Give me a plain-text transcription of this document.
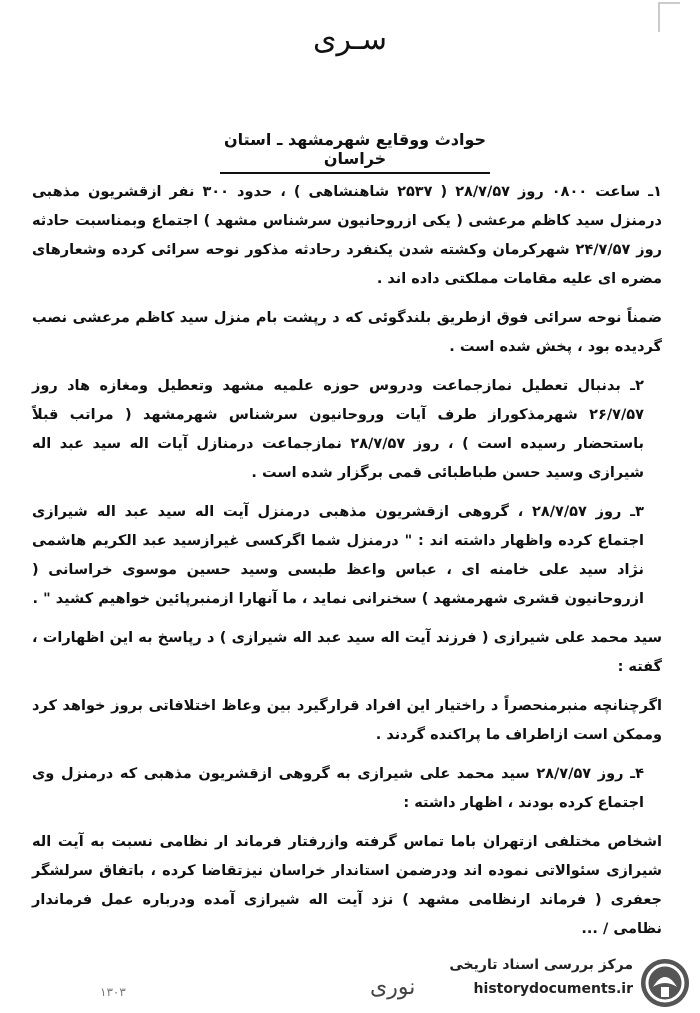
سـری
حوادث ووقايع شهرمشهد ـ استان خراسان

۱ـ ساعت ۰۸۰۰ روز ۲۸/۷/۵۷ ( ۲۵۳۷ شاهنشاهی ) ، حدود ۳۰۰ نفر ازقشريون مذهبی درمنزل سيد كاظم مرعشی ( يكی ازروحانيون سرشناس مشهد ) اجتماع وبمناسبت حادثه روز ۲۴/۷/۵۷ شهركرمان وكشته شدن يكنفرد رحادثه مذكور نوحه سرائی كرده وشعارهای مضره ای عليه مقامات مملكتی داده اند .

ضمناً نوحه سرائی فوق ازطريق بلندگوئی كه د رپشت بام منزل سيد كاظم مرعشی نصب گرديده بود ، پخش شده است .

۲ـ بدنبال تعطيل نمازجماعت ودروس حوزه علميه مشهد وتعطيل ومغازه هاد روز ۲۶/۷/۵۷ شهرمذكوراز طرف آيات وروحانيون سرشناس شهرمشهد ( مراتب قبلاً باستحضار رسيده است ) ، روز ۲۸/۷/۵۷ نمازجماعت درمنازل آيات اله سيد عبد اله شيرازی وسيد حسن طباطبائی قمی برگزار شده است .

۳ـ روز ۲۸/۷/۵۷ ، گروهی ازقشريون مذهبی درمنزل آيت اله سيد عبد اله شيرازی اجتماع كرده واظهار داشته اند : " درمنزل شما اگركسی غيرازسيد عبد الكريم هاشمی نژاد سيد علی خامنه ای ، عباس واعظ طبسی وسيد حسين موسوی خراسانی ( ازروحانيون قشری شهرمشهد ) سخنرانی نمايد ، ما آنهارا ازمنبرپائين خواهيم كشيد " .

سيد محمد علی شيرازی ( فرزند آيت اله سيد عبد اله شيرازی ) د رپاسخ به اين اظهارات ، گفته :

اگرچنانچه منبرمنحصراً د راختيار اين افراد قرارگيرد بين وعاظ اختلافاتی بروز خواهد كرد وممكن است ازاطراف ما پراكنده گردند .

۴ـ روز ۲۸/۷/۵۷ سيد محمد علی شيرازی به گروهی ازقشريون مذهبی كه درمنزل وی اجتماع كرده بودند ، اظهار داشته :

اشخاص مختلفی ازتهران باما تماس گرفته وازرفتار فرماند ار نظامی نسبت به آيت اله شيرازی سئوالاتی نموده اند ودرضمن استاندار خراسان نيزتقاضا كرده ، باتفاق سرلشگر جعفری ( فرماند ارنظامی مشهد ) نزد آيت اله شيرازی آمده ودرباره عمل فرماندار نظامی / ...

۱۳۰۳	نوری
مرکز بررسی اسناد تاریخی
historydocuments.ir
